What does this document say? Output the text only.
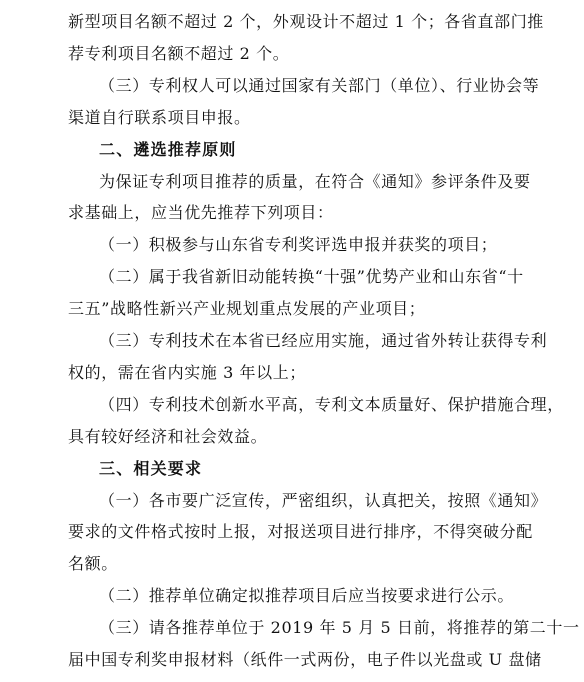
新型项目名额不超过 2 个，外观设计不超过 1 个；各省直部门推
荐专利项目名额不超过 2 个。
（三）专利权人可以通过国家有关部门（单位）、行业协会等
渠道自行联系项目申报。
二、遴选推荐原则
为保证专利项目推荐的质量，在符合《通知》参评条件及要
求基础上，应当优先推荐下列项目：
（一）积极参与山东省专利奖评选申报并获奖的项目；
（二）属于我省新旧动能转换“十强”优势产业和山东省“十
三五”战略性新兴产业规划重点发展的产业项目；
（三）专利技术在本省已经应用实施，通过省外转让获得专利
权的，需在省内实施 3 年以上；
（四）专利技术创新水平高，专利文本质量好、保护措施合理，
具有较好经济和社会效益。
三、相关要求
（一）各市要广泛宣传，严密组织，认真把关，按照《通知》
要求的文件格式按时上报，对报送项目进行排序，不得突破分配
名额。
（二）推荐单位确定拟推荐项目后应当按要求进行公示。
（三）请各推荐单位于 2019 年 5 月 5 日前，将推荐的第二十一
届中国专利奖申报材料（纸件一式两份，电子件以光盘或 U 盘储
